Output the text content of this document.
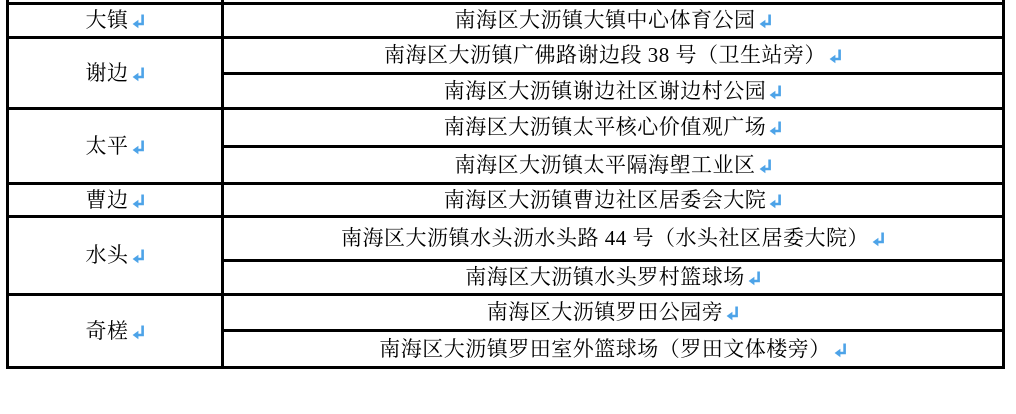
大镇	南海区大沥镇大镇中心体育公园
谢边	南海区大沥镇广佛路谢边段 38 号（卫生站旁）
	南海区大沥镇谢边社区谢边村公园
太平	南海区大沥镇太平核心价值观广场
	南海区大沥镇太平隔海塱工业区
曹边	南海区大沥镇曹边社区居委会大院
水头	南海区大沥镇水头沥水头路 44 号（水头社区居委大院）
	南海区大沥镇水头罗村篮球场
奇槎	南海区大沥镇罗田公园旁
	南海区大沥镇罗田室外篮球场（罗田文体楼旁）
